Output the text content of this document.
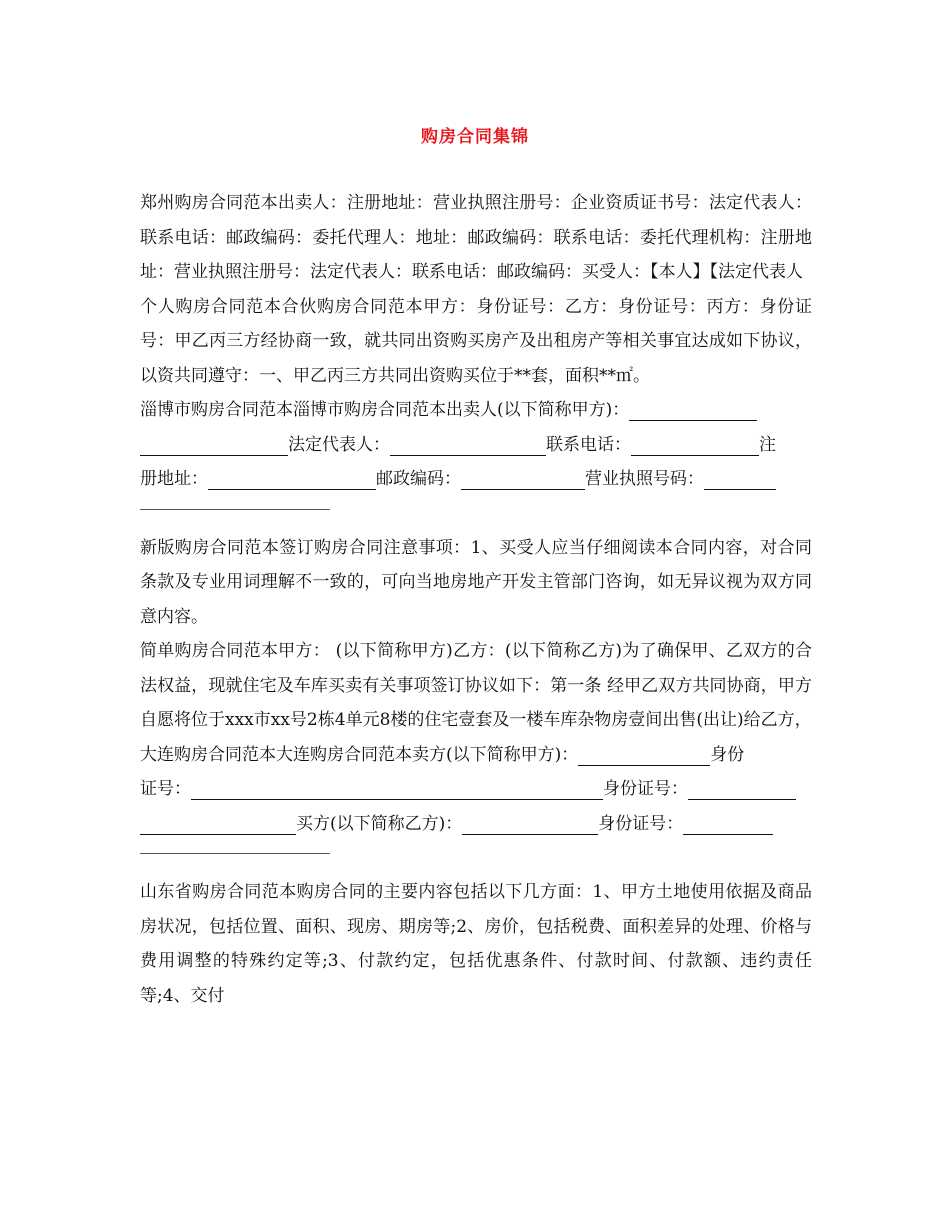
购房合同集锦

郑州购房合同范本出卖人：注册地址：营业执照注册号：企业资质证书号：法定代表人：联系电话：邮政编码：委托代理人：地址：邮政编码：联系电话：委托代理机构：注册地址：营业执照注册号：法定代表人：联系电话：邮政编码：买受人：【本人】【法定代表人

个人购房合同范本合伙购房合同范本甲方：身份证号：乙方：身份证号：丙方：身份证号：甲乙丙三方经协商一致，就共同出资购买房产及出租房产等相关事宜达成如下协议，以资共同遵守：一、甲乙丙三方共同出资购买位于**套，面积**㎡。

淄博市购房合同范本淄博市购房合同范本出卖人(以下简称甲方)：
法定代表人：	联系电话：	注
册地址：	邮政编码：	营业执照号码：

新版购房合同范本签订购房合同注意事项：1、买受人应当仔细阅读本合同内容，对合同条款及专业用词理解不一致的，可向当地房地产开发主管部门咨询，如无异议视为双方同意内容。

简单购房合同范本甲方： (以下简称甲方)乙方：(以下简称乙方)为了确保甲、乙双方的合法权益，现就住宅及车库买卖有关事项签订协议如下：第一条 经甲乙双方共同协商，甲方自愿将位于xxx市xx号2栋4单元8楼的住宅壹套及一楼车库杂物房壹间出售(出让)给乙方，

大连购房合同范本大连购房合同范本卖方(以下简称甲方)：	身份
证号：	身份证号：
买方(以下简称乙方)：	身份证号：

山东省购房合同范本购房合同的主要内容包括以下几方面：1、甲方土地使用依据及商品房状况，包括位置、面积、现房、期房等;2、房价，包括税费、面积差异的处理、价格与费用调整的特殊约定等;3、付款约定，包括优惠条件、付款时间、付款额、违约责任等;4、交付
